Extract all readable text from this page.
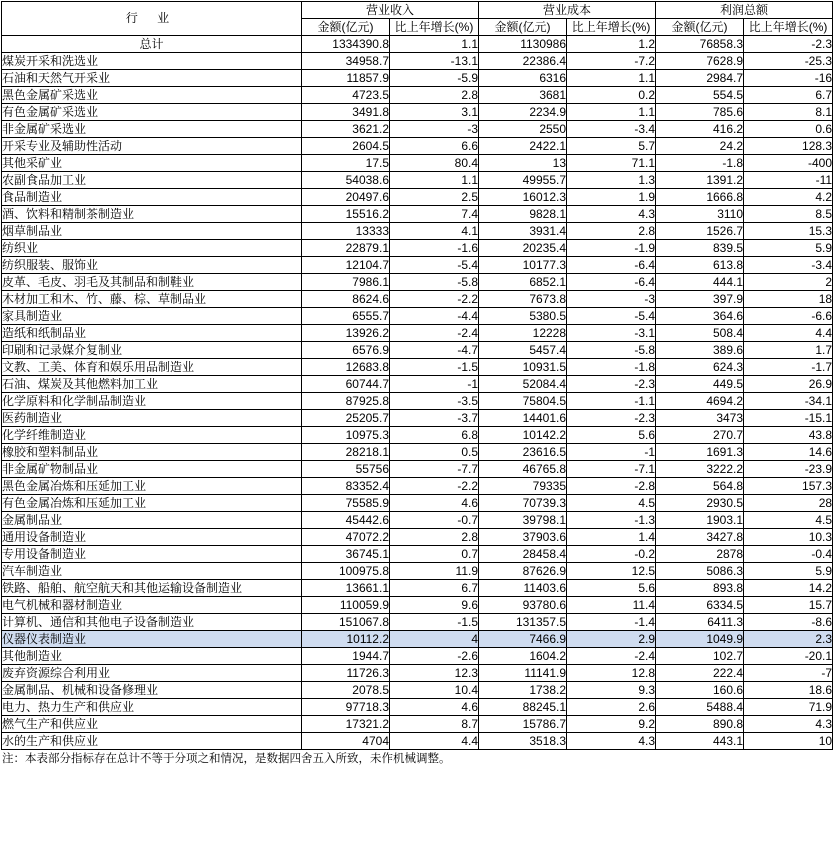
行 业	营业收入		营业成本		利润总额	
	金额(亿元)	比上年增长(%)	金额(亿元)	比上年增长(%)	金额(亿元)	比上年增长(%)
总计	1334390.8	1.1	1130986	1.2	76858.3	-2.3
煤炭开采和洗选业	34958.7	-13.1	22386.4	-7.2	7628.9	-25.3
石油和天然气开采业	11857.9	-5.9	6316	1.1	2984.7	-16
黑色金属矿采选业	4723.5	2.8	3681	0.2	554.5	6.7
有色金属矿采选业	3491.8	3.1	2234.9	1.1	785.6	8.1
非金属矿采选业	3621.2	-3	2550	-3.4	416.2	0.6
开采专业及辅助性活动	2604.5	6.6	2422.1	5.7	24.2	128.3
其他采矿业	17.5	80.4	13	71.1	-1.8	-400
农副食品加工业	54038.6	1.1	49955.7	1.3	1391.2	-11
食品制造业	20497.6	2.5	16012.3	1.9	1666.8	4.2
酒、饮料和精制茶制造业	15516.2	7.4	9828.1	4.3	3110	8.5
烟草制品业	13333	4.1	3931.4	2.8	1526.7	15.3
纺织业	22879.1	-1.6	20235.4	-1.9	839.5	5.9
纺织服装、服饰业	12104.7	-5.4	10177.3	-6.4	613.8	-3.4
皮革、毛皮、羽毛及其制品和制鞋业	7986.1	-5.8	6852.1	-6.4	444.1	2
木材加工和木、竹、藤、棕、草制品业	8624.6	-2.2	7673.8	-3	397.9	18
家具制造业	6555.7	-4.4	5380.5	-5.4	364.6	-6.6
造纸和纸制品业	13926.2	-2.4	12228	-3.1	508.4	4.4
印刷和记录媒介复制业	6576.9	-4.7	5457.4	-5.8	389.6	1.7
文教、工美、体育和娱乐用品制造业	12683.8	-1.5	10931.5	-1.8	624.3	-1.7
石油、煤炭及其他燃料加工业	60744.7	-1	52084.4	-2.3	449.5	26.9
化学原料和化学制品制造业	87925.8	-3.5	75804.5	-1.1	4694.2	-34.1
医药制造业	25205.7	-3.7	14401.6	-2.3	3473	-15.1
化学纤维制造业	10975.3	6.8	10142.2	5.6	270.7	43.8
橡胶和塑料制品业	28218.1	0.5	23616.5	-1	1691.3	14.6
非金属矿物制品业	55756	-7.7	46765.8	-7.1	3222.2	-23.9
黑色金属冶炼和压延加工业	83352.4	-2.2	79335	-2.8	564.8	157.3
有色金属冶炼和压延加工业	75585.9	4.6	70739.3	4.5	2930.5	28
金属制品业	45442.6	-0.7	39798.1	-1.3	1903.1	4.5
通用设备制造业	47072.2	2.8	37903.6	1.4	3427.8	10.3
专用设备制造业	36745.1	0.7	28458.4	-0.2	2878	-0.4
汽车制造业	100975.8	11.9	87626.9	12.5	5086.3	5.9
铁路、船舶、航空航天和其他运输设备制造业	13661.1	6.7	11403.6	5.6	893.8	14.2
电气机械和器材制造业	110059.9	9.6	93780.6	11.4	6334.5	15.7
计算机、通信和其他电子设备制造业	151067.8	-1.5	131357.5	-1.4	6411.3	-8.6
仪器仪表制造业	10112.2	4	7466.9	2.9	1049.9	2.3
其他制造业	1944.7	-2.6	1604.2	-2.4	102.7	-20.1
废弃资源综合利用业	11726.3	12.3	11141.9	12.8	222.4	-7
金属制品、机械和设备修理业	2078.5	10.4	1738.2	9.3	160.6	18.6
电力、热力生产和供应业	97718.3	4.6	88245.1	2.6	5488.4	71.9
燃气生产和供应业	17321.2	8.7	15786.7	9.2	890.8	4.3
水的生产和供应业	4704	4.4	3518.3	4.3	443.1	10
注：本表部分指标存在总计不等于分项之和情况，是数据四舍五入所致，未作机械调整。
